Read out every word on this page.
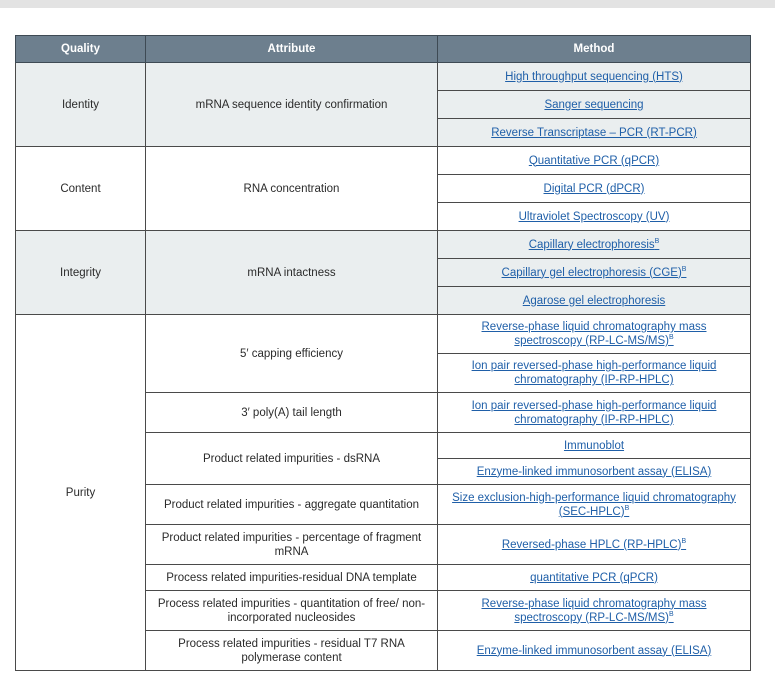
Quality	Attribute	Method
Identity	mRNA sequence identity confirmation	High throughput sequencing (HTS)
		Sanger sequencing
		Reverse Transcriptase – PCR (RT-PCR)
Content	RNA concentration	Quantitative PCR (qPCR)
		Digital PCR (dPCR)
		Ultraviolet Spectroscopy (UV)
Integrity	mRNA intactness	Capillary electrophoresis$^B$
		Capillary gel electrophoresis (CGE)$^B$
		Agarose gel electrophoresis
Purity	5′ capping efficiency	Reverse-phase liquid chromatography mass spectroscopy (RP-LC-MS/MS)$^B$
		Ion pair reversed-phase high-performance liquid chromatography (IP-RP-HPLC)
	3′ poly(A) tail length	Ion pair reversed-phase high-performance liquid chromatography (IP-RP-HPLC)
	Product related impurities - dsRNA	Immunoblot
		Enzyme-linked immunosorbent assay (ELISA)
	Product related impurities - aggregate quantitation	Size exclusion-high-performance liquid chromatography (SEC-HPLC)$^B$
	Product related impurities - percentage of fragment mRNA	Reversed-phase HPLC (RP-HPLC)$^B$
	Process related impurities-residual DNA template	quantitative PCR (qPCR)
	Process related impurities - quantitation of free/ non-incorporated nucleosides	Reverse-phase liquid chromatography mass spectroscopy (RP-LC-MS/MS)$^B$
	Process related impurities - residual T7 RNA polymerase content	Enzyme-linked immunosorbent assay (ELISA)
